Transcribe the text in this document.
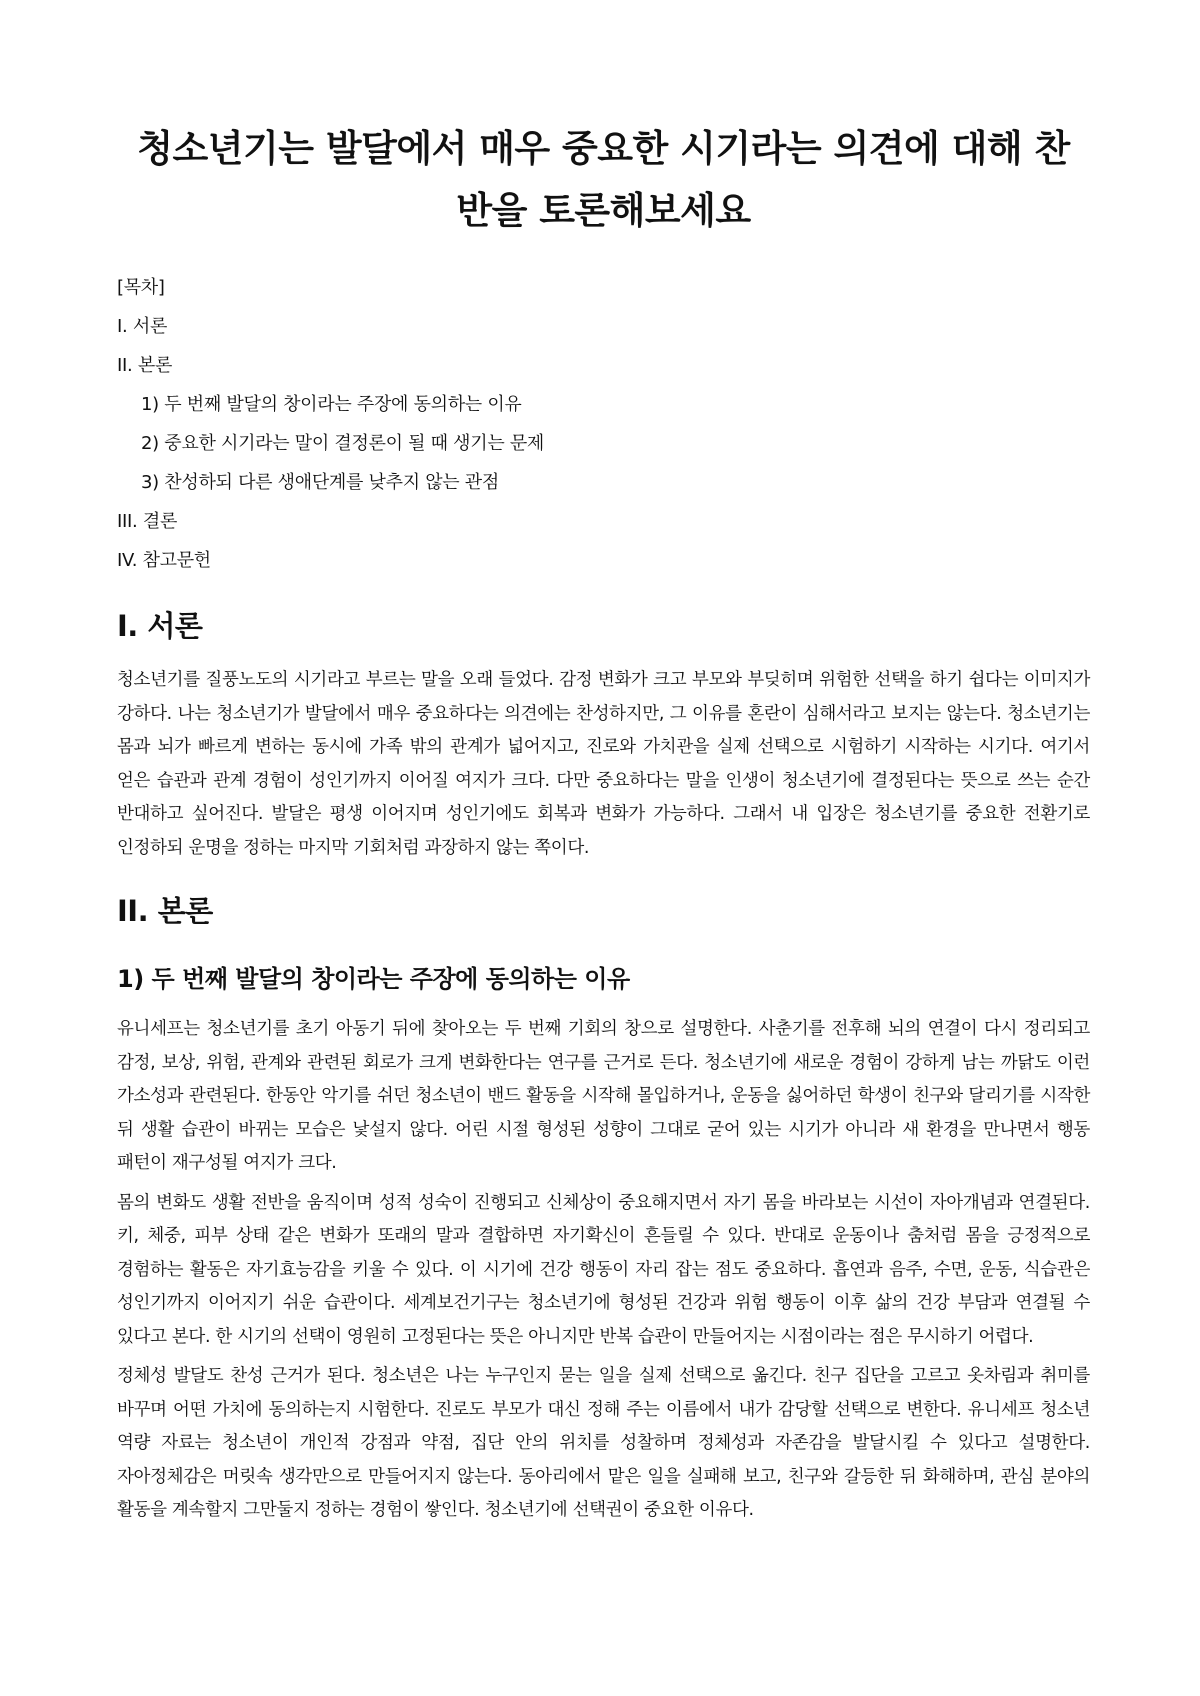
청소년기는 발달에서 매우 중요한 시기라는 의견에 대해 찬반을 토론해보세요
[목차]
I. 서론
II. 본론
1) 두 번째 발달의 창이라는 주장에 동의하는 이유
2) 중요한 시기라는 말이 결정론이 될 때 생기는 문제
3) 찬성하되 다른 생애단계를 낮추지 않는 관점
III. 결론
IV. 참고문헌
I. 서론

청소년기를 질풍노도의 시기라고 부르는 말을 오래 들었다. 감정 변화가 크고 부모와 부딪히며 위험한 선택을 하기 쉽다는 이미지가 강하다. 나는 청소년기가 발달에서 매우 중요하다는 의견에는 찬성하지만, 그 이유를 혼란이 심해서라고 보지는 않는다. 청소년기는 몸과 뇌가 빠르게 변하는 동시에 가족 밖의 관계가 넓어지고, 진로와 가치관을 실제 선택으로 시험하기 시작하는 시기다. 여기서 얻은 습관과 관계 경험이 성인기까지 이어질 여지가 크다. 다만 중요하다는 말을 인생이 청소년기에 결정된다는 뜻으로 쓰는 순간 반대하고 싶어진다. 발달은 평생 이어지며 성인기에도 회복과 변화가 가능하다. 그래서 내 입장은 청소년기를 중요한 전환기로 인정하되 운명을 정하는 마지막 기회처럼 과장하지 않는 쪽이다.

II. 본론
1) 두 번째 발달의 창이라는 주장에 동의하는 이유

유니세프는 청소년기를 초기 아동기 뒤에 찾아오는 두 번째 기회의 창으로 설명한다. 사춘기를 전후해 뇌의 연결이 다시 정리되고 감정, 보상, 위험, 관계와 관련된 회로가 크게 변화한다는 연구를 근거로 든다. 청소년기에 새로운 경험이 강하게 남는 까닭도 이런 가소성과 관련된다. 한동안 악기를 쉬던 청소년이 밴드 활동을 시작해 몰입하거나, 운동을 싫어하던 학생이 친구와 달리기를 시작한 뒤 생활 습관이 바뀌는 모습은 낯설지 않다. 어린 시절 형성된 성향이 그대로 굳어 있는 시기가 아니라 새 환경을 만나면서 행동 패턴이 재구성될 여지가 크다.

몸의 변화도 생활 전반을 움직이며 성적 성숙이 진행되고 신체상이 중요해지면서 자기 몸을 바라보는 시선이 자아개념과 연결된다. 키, 체중, 피부 상태 같은 변화가 또래의 말과 결합하면 자기확신이 흔들릴 수 있다. 반대로 운동이나 춤처럼 몸을 긍정적으로 경험하는 활동은 자기효능감을 키울 수 있다. 이 시기에 건강 행동이 자리 잡는 점도 중요하다. 흡연과 음주, 수면, 운동, 식습관은 성인기까지 이어지기 쉬운 습관이다. 세계보건기구는 청소년기에 형성된 건강과 위험 행동이 이후 삶의 건강 부담과 연결될 수 있다고 본다. 한 시기의 선택이 영원히 고정된다는 뜻은 아니지만 반복 습관이 만들어지는 시점이라는 점은 무시하기 어렵다.

정체성 발달도 찬성 근거가 된다. 청소년은 나는 누구인지 묻는 일을 실제 선택으로 옮긴다. 친구 집단을 고르고 옷차림과 취미를 바꾸며 어떤 가치에 동의하는지 시험한다. 진로도 부모가 대신 정해 주는 이름에서 내가 감당할 선택으로 변한다. 유니세프 청소년 역량 자료는 청소년이 개인적 강점과 약점, 집단 안의 위치를 성찰하며 정체성과 자존감을 발달시킬 수 있다고 설명한다. 자아정체감은 머릿속 생각만으로 만들어지지 않는다. 동아리에서 맡은 일을 실패해 보고, 친구와 갈등한 뒤 화해하며, 관심 분야의 활동을 계속할지 그만둘지 정하는 경험이 쌓인다. 청소년기에 선택권이 중요한 이유다.
